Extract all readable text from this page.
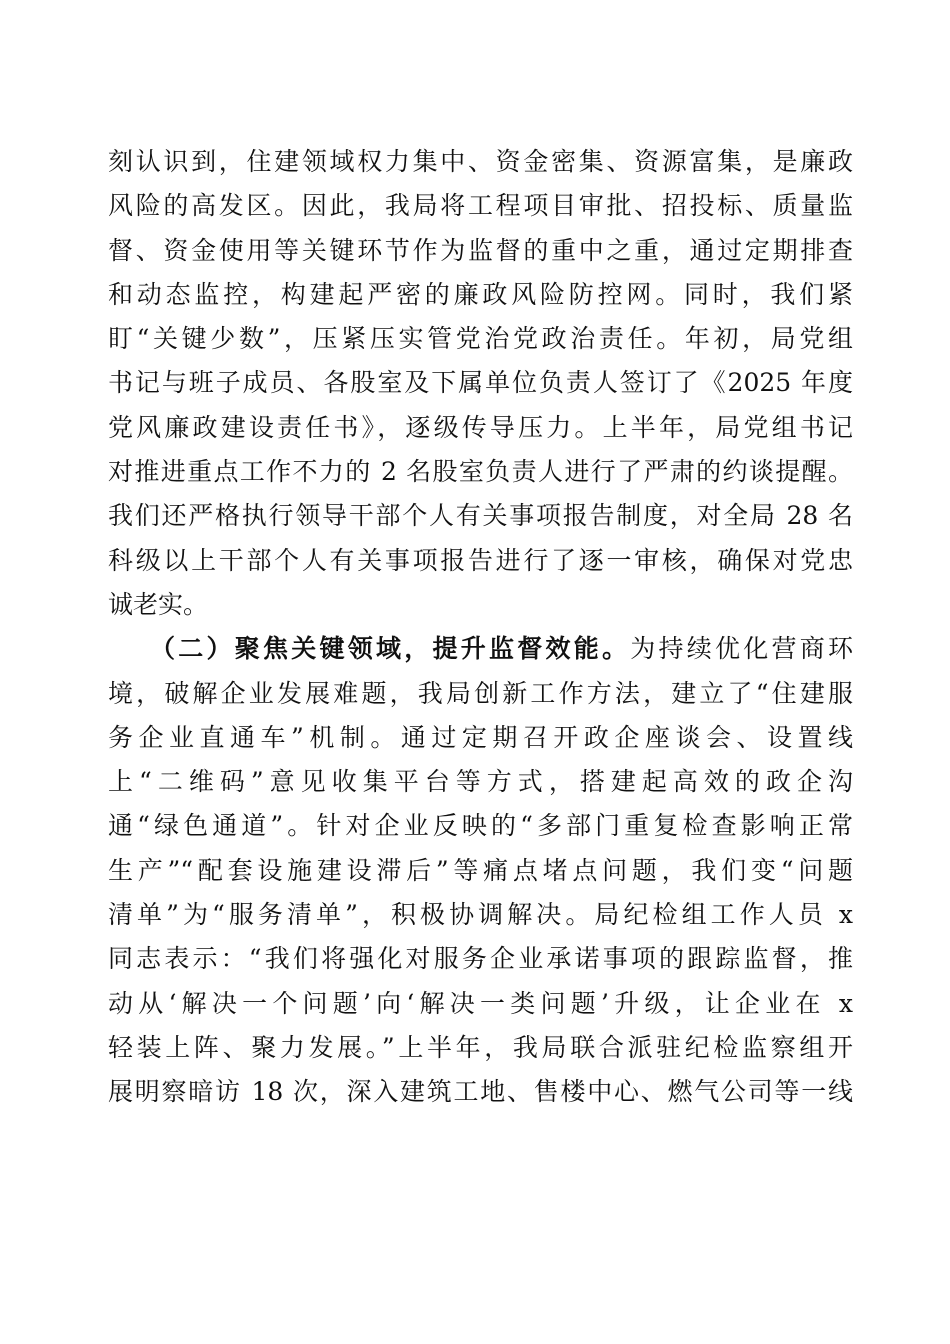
刻认识到，住建领域权力集中、资金密集、资源富集，是廉政
风险的高发区。因此，我局将工程项目审批、招投标、质量监
督、资金使用等关键环节作为监督的重中之重，通过定期排查
和动态监控，构建起严密的廉政风险防控网。同时，我们紧
盯“关键少数”，压紧压实管党治党政治责任。年初，局党组
书记与班子成员、各股室及下属单位负责人签订了《2025 年度
党风廉政建设责任书》，逐级传导压力。上半年，局党组书记
对推进重点工作不力的 2 名股室负责人进行了严肃的约谈提醒。
我们还严格执行领导干部个人有关事项报告制度，对全局 28 名
科级以上干部个人有关事项报告进行了逐一审核，确保对党忠
诚老实。
（二）聚焦关键领域，提升监督效能。为持续优化营商环
境，破解企业发展难题，我局创新工作方法，建立了“住建服
务企业直通车”机制。通过定期召开政企座谈会、设置线
上“二维码”意见收集平台等方式，搭建起高效的政企沟
通“绿色通道”。针对企业反映的“多部门重复检查影响正常
生产”“配套设施建设滞后”等痛点堵点问题，我们变“问题
清单”为“服务清单”，积极协调解决。局纪检组工作人员 x
同志表示：“我们将强化对服务企业承诺事项的跟踪监督，推
动从‘解决一个问题’向‘解决一类问题’升级，让企业在 x
轻装上阵、聚力发展。”上半年，我局联合派驻纪检监察组开
展明察暗访 18 次，深入建筑工地、售楼中心、燃气公司等一线
